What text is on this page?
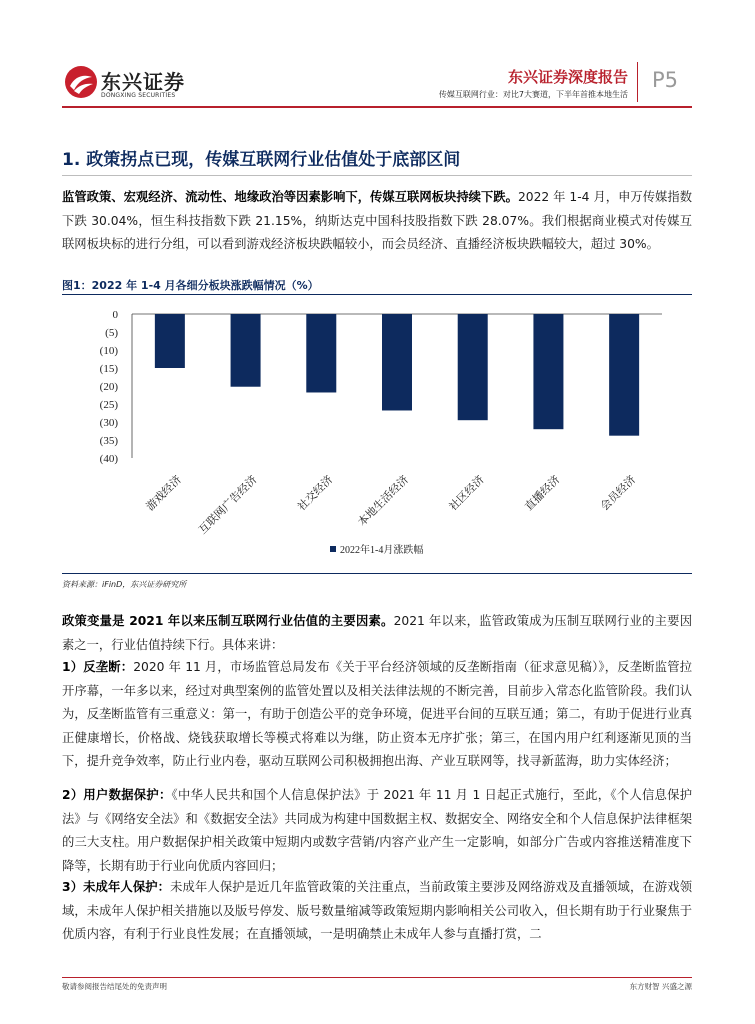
东兴证券
DONGXING SECURITIES
东兴证券深度报告
传媒互联网行业：对比7大赛道，下半年首推本地生活
P5
1. 政策拐点已现，传媒互联网行业估值处于底部区间
监管政策、宏观经济、流动性、地缘政治等因素影响下，传媒互联网板块持续下跌。2022 年 1-4 月，申万传媒指数下跌 30.04%，恒生科技指数下跌 21.15%，纳斯达克中国科技股指数下跌 28.07%。我们根据商业模式对传媒互联网板块标的进行分组，可以看到游戏经济板块跌幅较小，而会员经济、直播经济板块跌幅较大，超过 30%。
图1：2022 年 1-4 月各细分板块涨跌幅情况（%）
0
(5)
(10)
(15)
(20)
(25)
(30)
(35)
(40)
游戏经济 互联网广告经济	社交经济 本地生活经济	社区经济	直播经济	会员经济
2022年1-4月涨跌幅
资料来源：iFinD，东兴证券研究所
政策变量是 2021 年以来压制互联网行业估值的主要因素。2021 年以来，监管政策成为压制互联网行业的主要因素之一，行业估值持续下行。具体来讲：
1）反垄断：2020 年 11 月，市场监管总局发布《关于平台经济领域的反垄断指南（征求意见稿）》，反垄断监管拉开序幕，一年多以来，经过对典型案例的监管处置以及相关法律法规的不断完善，目前步入常态化监管阶段。我们认为，反垄断监管有三重意义：第一，有助于创造公平的竞争环境，促进平台间的互联互通；第二，有助于促进行业真正健康增长，价格战、烧钱获取增长等模式将难以为继，防止资本无序扩张；第三，在国内用户红利逐渐见顶的当下，提升竞争效率，防止行业内卷，驱动互联网公司积极拥抱出海、产业互联网等，找寻新蓝海，助力实体经济；
2）用户数据保护：《中华人民共和国个人信息保护法》于 2021 年 11 月 1 日起正式施行，至此，《个人信息保护法》与《网络安全法》和《数据安全法》共同成为构建中国数据主权、数据安全、网络安全和个人信息保护法律框架的三大支柱。用户数据保护相关政策中短期内或数字营销/内容产业产生一定影响，如部分广告或内容推送精准度下降等，长期有助于行业向优质内容回归；
3）未成年人保护：未成年人保护是近几年监管政策的关注重点，当前政策主要涉及网络游戏及直播领域，在游戏领域，未成年人保护相关措施以及版号停发、版号数量缩减等政策短期内影响相关公司收入，但长期有助于行业聚焦于优质内容，有利于行业良性发展；在直播领域，一是明确禁止未成年人参与直播打赏，二
敬请参阅报告结尾处的免责声明	东方财智 兴盛之源
